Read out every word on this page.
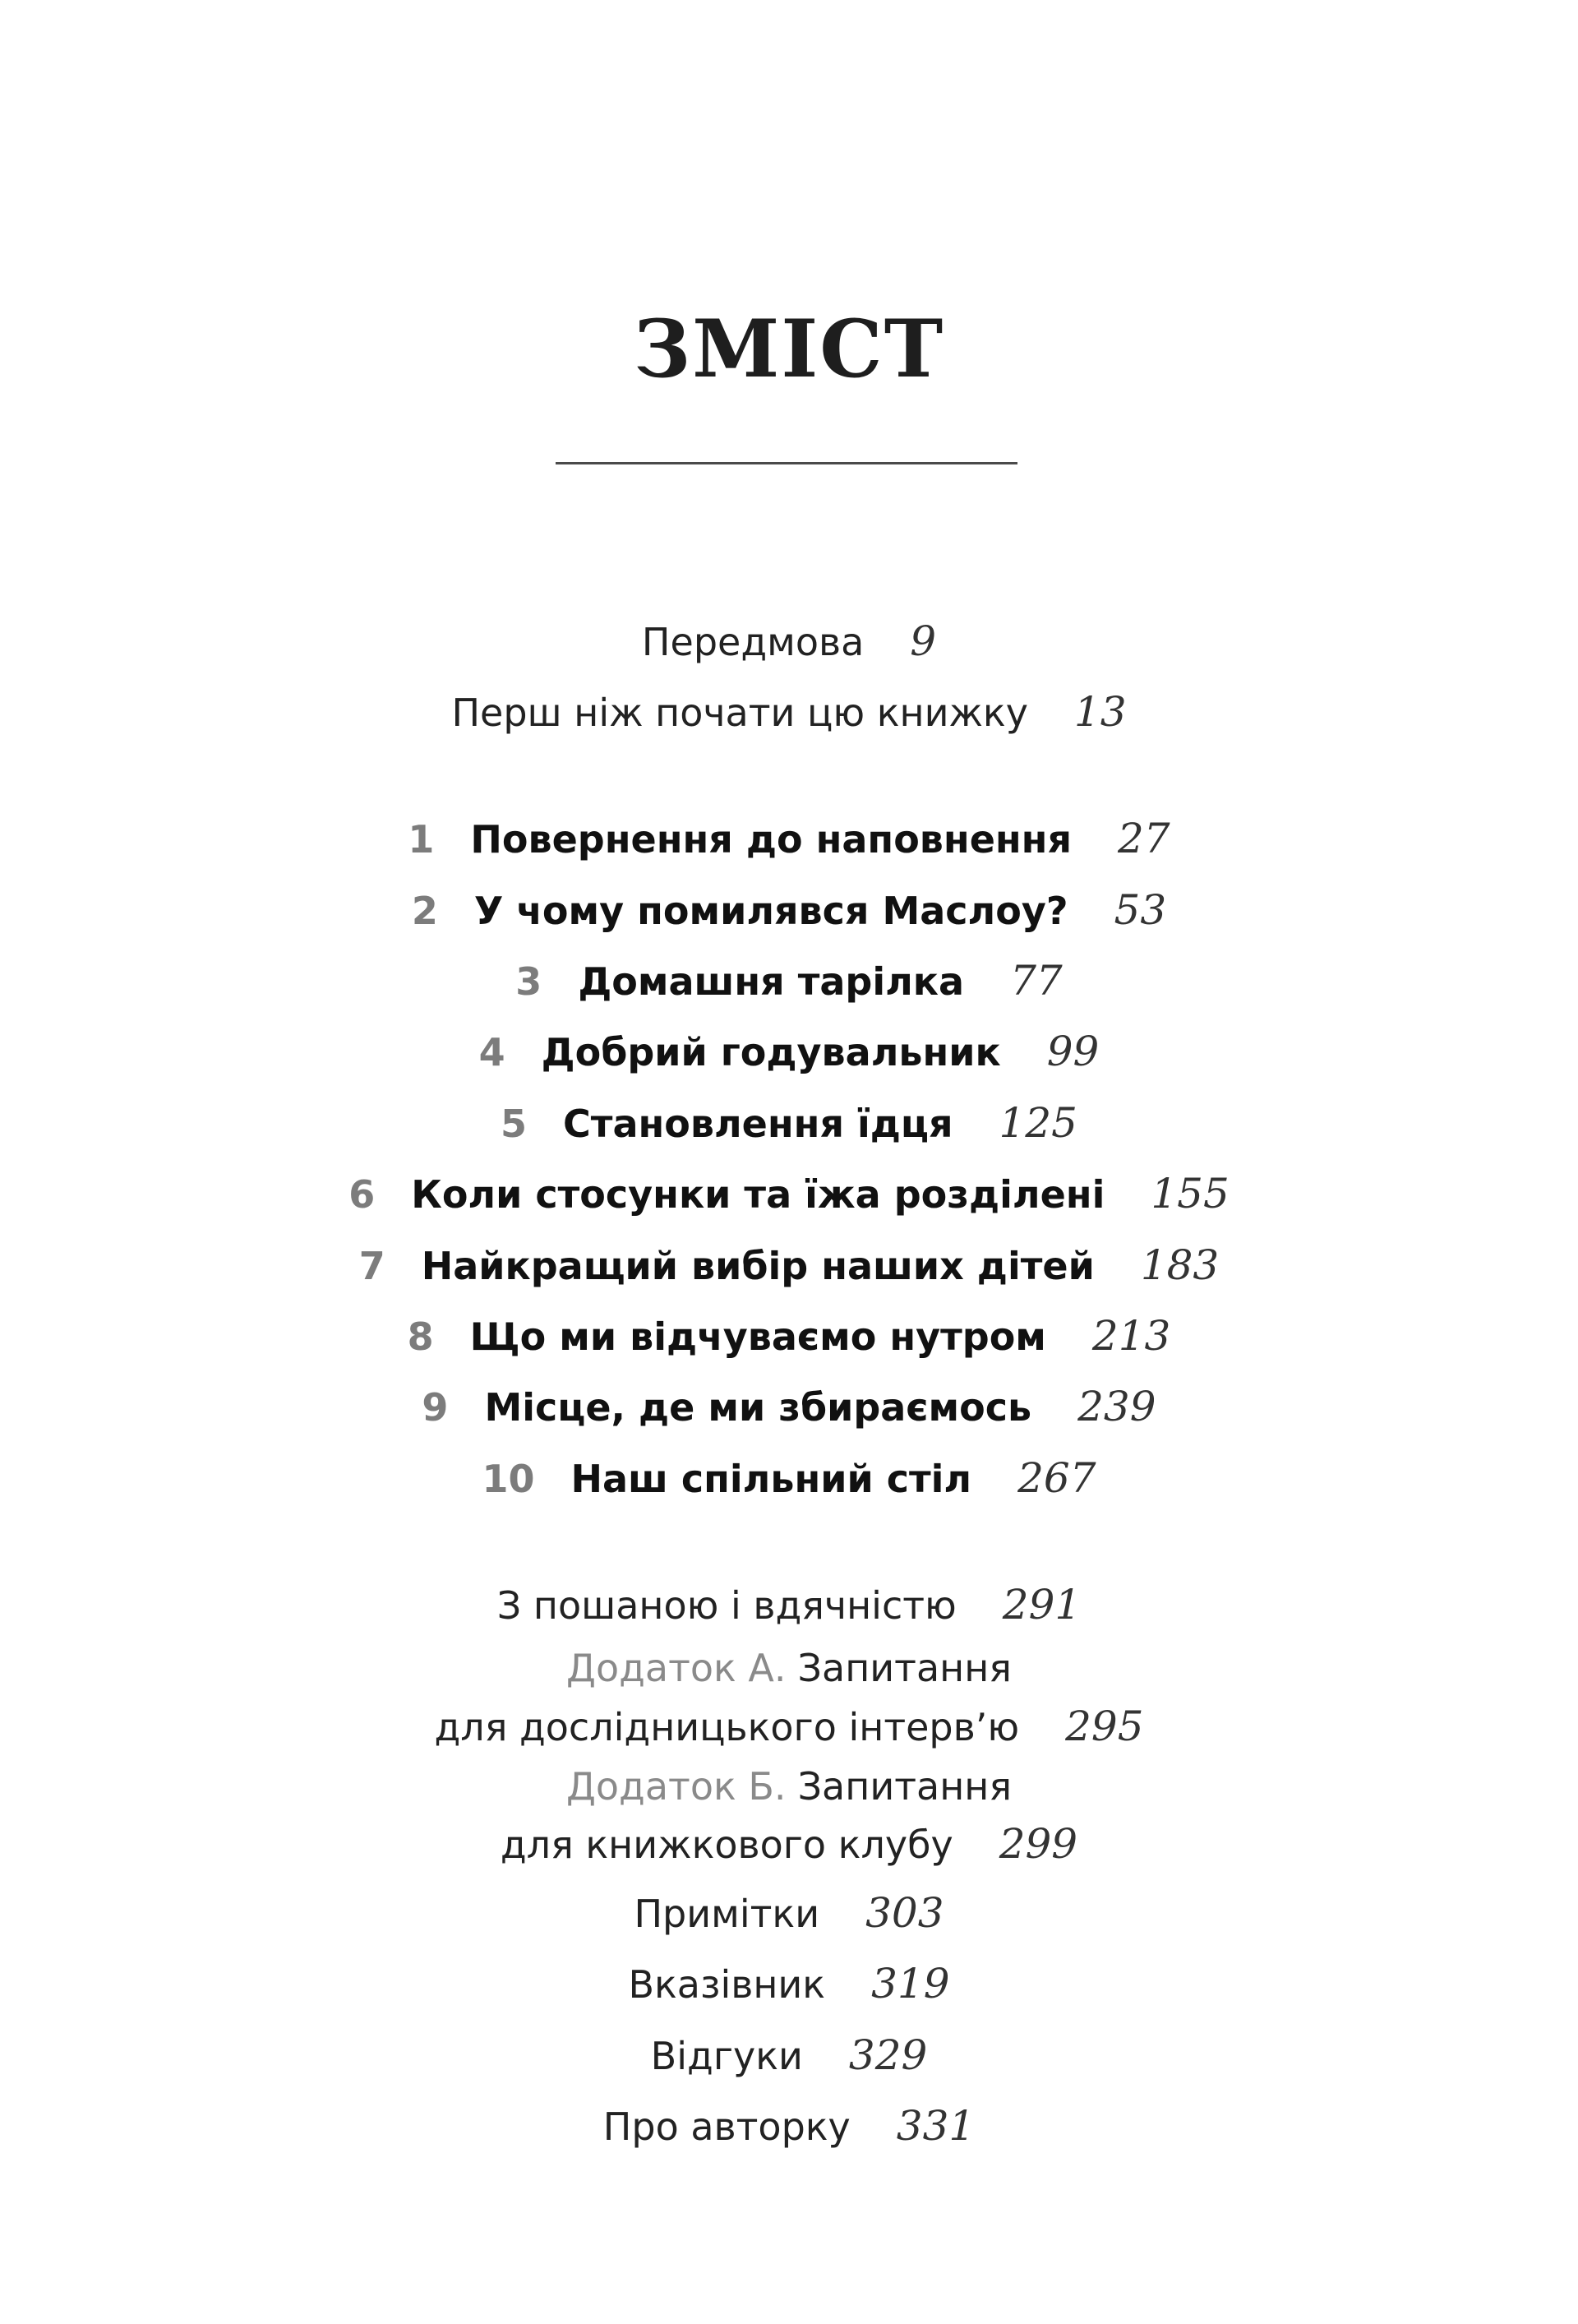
ЗМІСТ
Передмова 9
Перш ніж почати цю книжку 13
1 Повернення до наповнення 27
2 У чому помилявся Маслоу? 53
3 Домашня тарілка 77
4 Добрий годувальник 99
5 Становлення їдця 125
6 Коли стосунки та їжа розділені 155
7 Найкращий вибір наших дітей 183
8 Що ми відчуваємо нутром 213
9 Місце, де ми збираємось 239
10 Наш спільний стіл 267
З пошаною і вдячністю 291
Додаток А. Запитання
для дослідницького інтерв’ю 295
Додаток Б. Запитання
для книжкового клубу 299
Примітки 303
Вказівник 319
Відгуки 329
Про авторку 331
